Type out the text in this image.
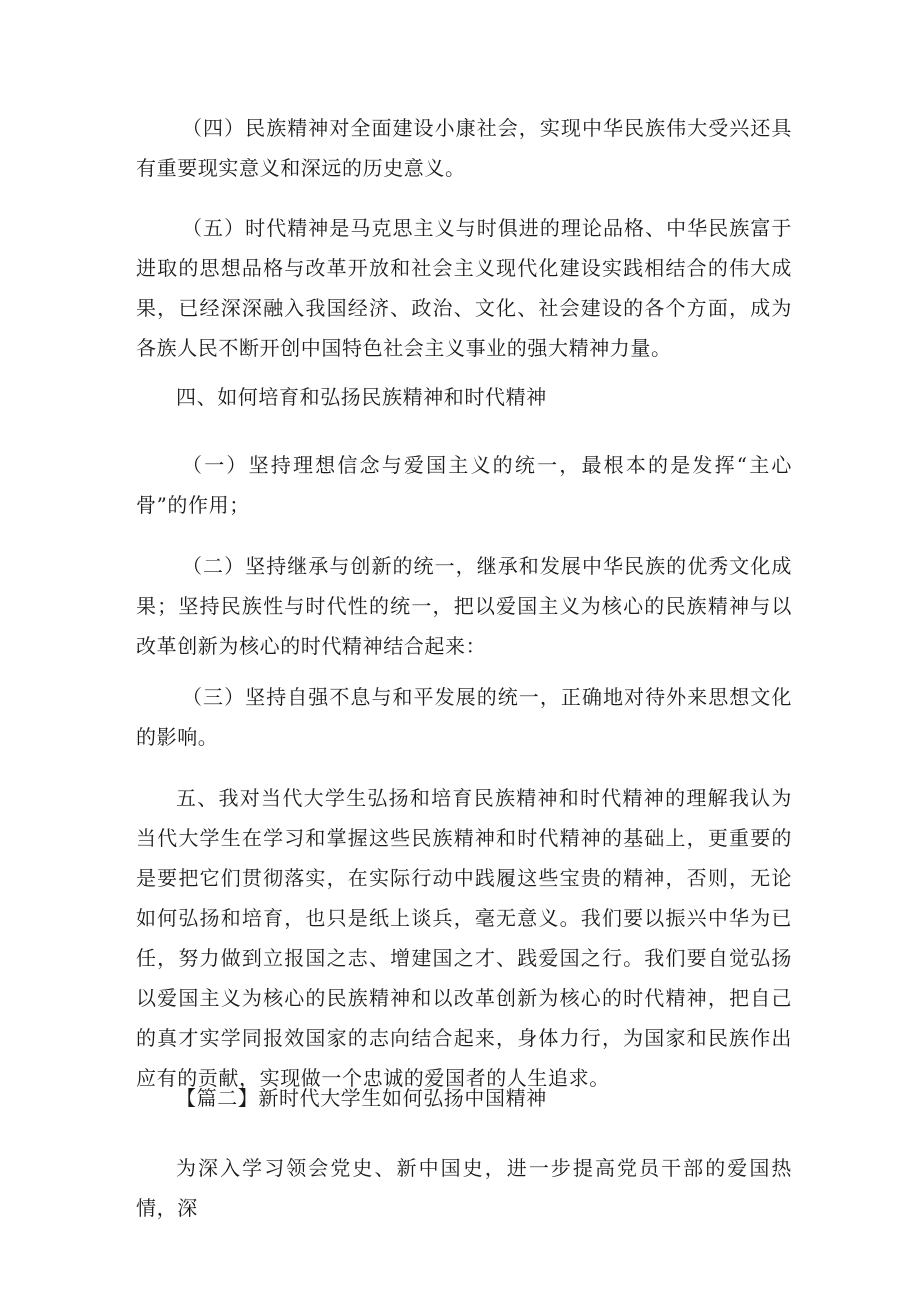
（四）民族精神对全面建设小康社会，实现中华民族伟大受兴还具有重要现实意义和深远的历史意义。

（五）时代精神是马克思主义与时俱进的理论品格、中华民族富于进取的思想品格与改革开放和社会主义现代化建设实践相结合的伟大成果，已经深深融入我国经济、政治、文化、社会建设的各个方面，成为各族人民不断开创中国特色社会主义事业的强大精神力量。

四、如何培育和弘扬民族精神和时代精神

（一）坚持理想信念与爱国主义的统一，最根本的是发挥“主心骨”的作用；

（二）坚持继承与创新的统一，继承和发展中华民族的优秀文化成果；坚持民族性与时代性的统一，把以爱国主义为核心的民族精神与以改革创新为核心的时代精神结合起来：

（三）坚持自强不息与和平发展的统一，正确地对待外来思想文化的影响。

五、我对当代大学生弘扬和培育民族精神和时代精神的理解我认为当代大学生在学习和掌握这些民族精神和时代精神的基础上，更重要的是要把它们贯彻落实，在实际行动中践履这些宝贵的精神，否则，无论如何弘扬和培育，也只是纸上谈兵，毫无意义。我们要以振兴中华为已任，努力做到立报国之志、增建国之才、践爱国之行。我们要自觉弘扬以爱国主义为核心的民族精神和以改革创新为核心的时代精神，把自己的真才实学同报效国家的志向结合起来，身体力行，为国家和民族作出应有的贡献，实现做一个忠诚的爱国者的人生追求。

【篇二】新时代大学生如何弘扬中国精神

为深入学习领会党史、新中国史，进一步提高党员干部的爱国热情，深
